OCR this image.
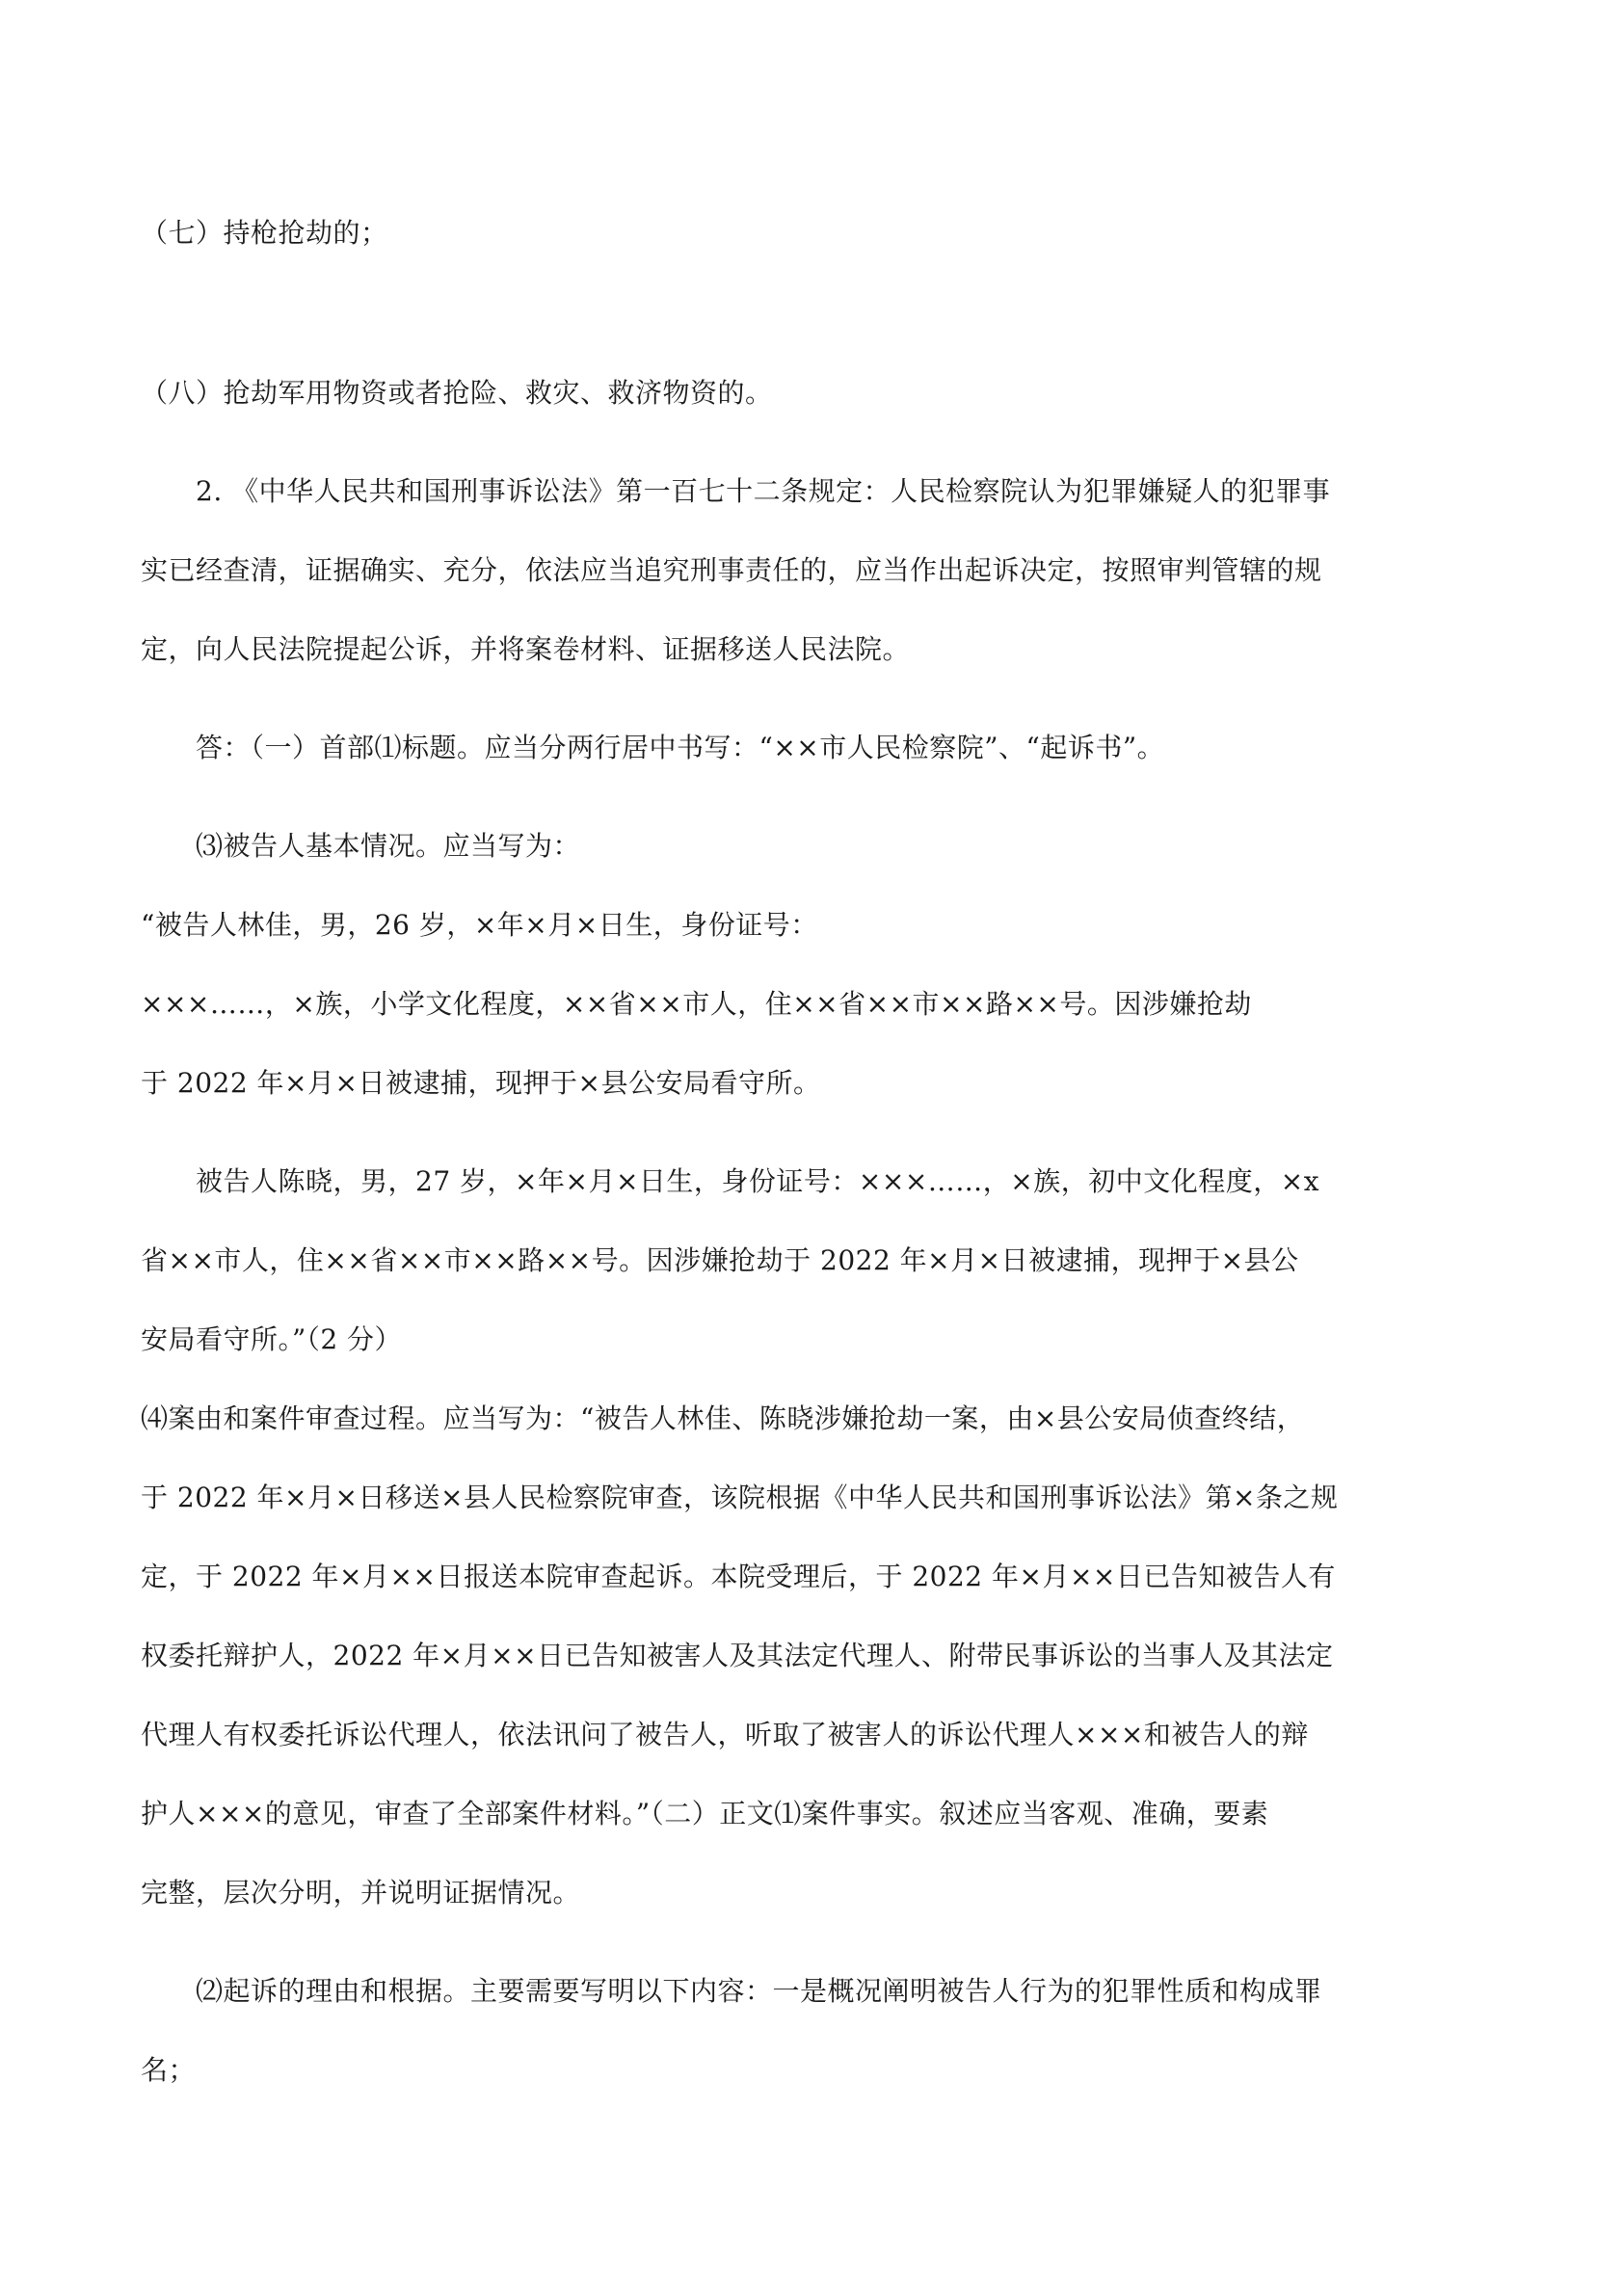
（七）持枪抢劫的；
（八）抢劫军用物资或者抢险、救灾、救济物资的。
2. 《中华人民共和国刑事诉讼法》第一百七十二条规定：人民检察院认为犯罪嫌疑人的犯罪事
实已经查清，证据确实、充分，依法应当追究刑事责任的，应当作出起诉决定，按照审判管辖的规
定，向人民法院提起公诉，并将案卷材料、证据移送人民法院。
答：（一）首部⑴标题。应当分两行居中书写：“××市人民检察院”、“起诉书”。
⑶被告人基本情况。应当写为：
“被告人林佳，男，26 岁，×年×月×日生，身份证号：
×××……，×族，小学文化程度，××省××市人，住××省××市××路××号。因涉嫌抢劫
于 2022 年×月×日被逮捕，现押于×县公安局看守所。
被告人陈晓，男，27 岁，×年×月×日生，身份证号：×××……，×族，初中文化程度，×x
省××市人，住××省××市××路××号。因涉嫌抢劫于 2022 年×月×日被逮捕，现押于×县公
安局看守所。”（2 分）
⑷案由和案件审查过程。应当写为：“被告人林佳、陈晓涉嫌抢劫一案，由×县公安局侦查终结，
于 2022 年×月×日移送×县人民检察院审查，该院根据《中华人民共和国刑事诉讼法》第×条之规
定，于 2022 年×月××日报送本院审查起诉。本院受理后，于 2022 年×月××日已告知被告人有
权委托辩护人，2022 年×月××日已告知被害人及其法定代理人、附带民事诉讼的当事人及其法定
代理人有权委托诉讼代理人，依法讯问了被告人，听取了被害人的诉讼代理人×××和被告人的辩
护人×××的意见，审查了全部案件材料。”（二）正文⑴案件事实。叙述应当客观、准确，要素
完整，层次分明，并说明证据情况。
⑵起诉的理由和根据。主要需要写明以下内容：一是概况阐明被告人行为的犯罪性质和构成罪
名；
